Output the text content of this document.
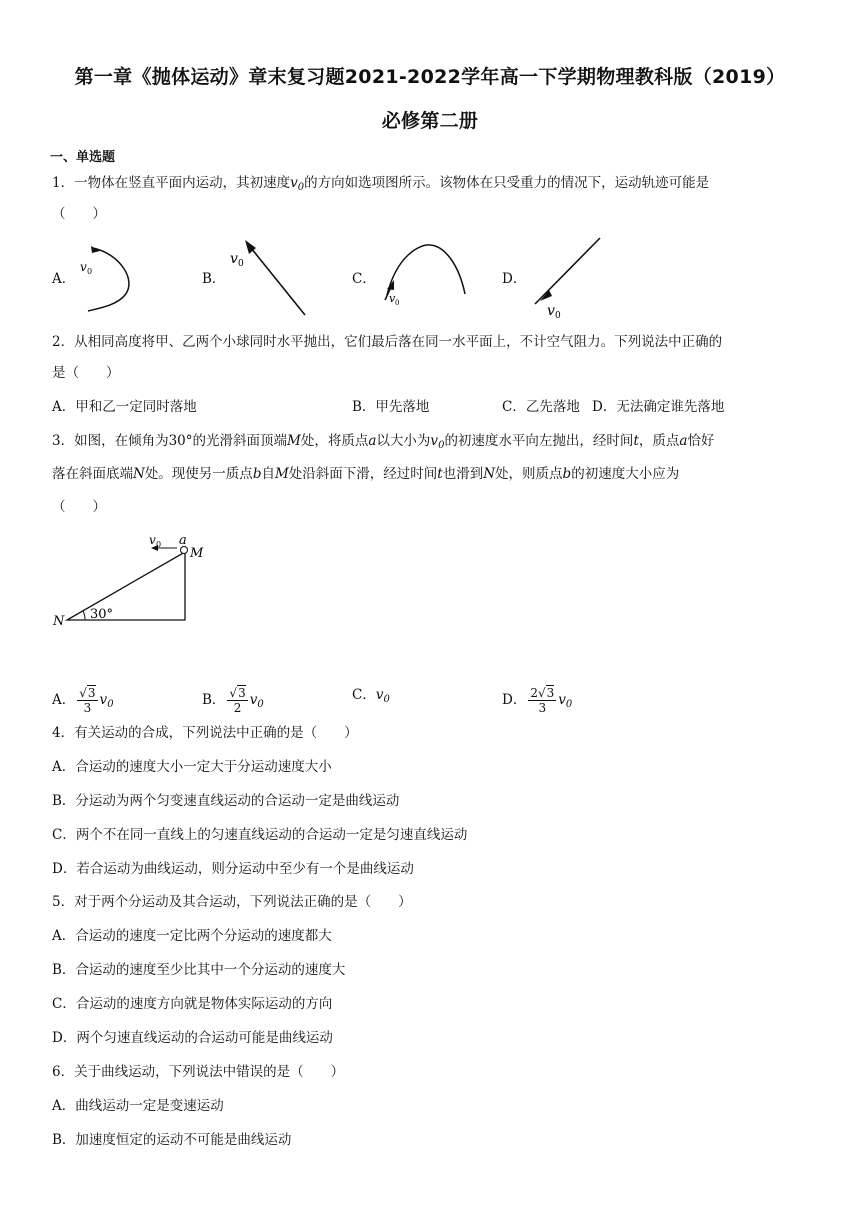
第一章《抛体运动》章末复习题2021-2022学年高一下学期物理教科版（2019）
必修第二册
一、单选题
1．一物体在竖直平面内运动，其初速度$v_0$的方向如选项图所示。该物体在只受重力的情况下，运动轨迹可能是
（　　）
A．
v 0	B．
v 0
C．
v 0
D．
v 0
2．从相同高度将甲、乙两个小球同时水平抛出，它们最后落在同一水平面上，不计空气阻力。下列说法中正确的
是（　　）
A．甲和乙一定同时落地	B．甲先落地	C．乙先落地 D．无法确定谁先落地
3．如图，在倾角为30°的光滑斜面顶端M处，将质点a以大小为$v_0$的初速度水平向左抛出，经时间t，质点a恰好
落在斜面底端N处。现使另一质点b自M处沿斜面下滑，经过时间t也滑到N处，则质点b的初速度大小应为
（　　）
v 0 a
M
N 30°
A． $\frac{√3}{3} v_0$	B． $\frac{√3}{2} v_0$
C．$v_0$	D． $\frac{2√3}{3} v_0$
4．有关运动的合成，下列说法中正确的是（　　）
A．合运动的速度大小一定大于分运动速度大小
B．分运动为两个匀变速直线运动的合运动一定是曲线运动
C．两个不在同一直线上的匀速直线运动的合运动一定是匀速直线运动
D．若合运动为曲线运动，则分运动中至少有一个是曲线运动
5．对于两个分运动及其合运动，下列说法正确的是（　　）
A．合运动的速度一定比两个分运动的速度都大
B．合运动的速度至少比其中一个分运动的速度大
C．合运动的速度方向就是物体实际运动的方向
D．两个匀速直线运动的合运动可能是曲线运动
6．关于曲线运动，下列说法中错误的是（　　）
A．曲线运动一定是变速运动
B．加速度恒定的运动不可能是曲线运动
